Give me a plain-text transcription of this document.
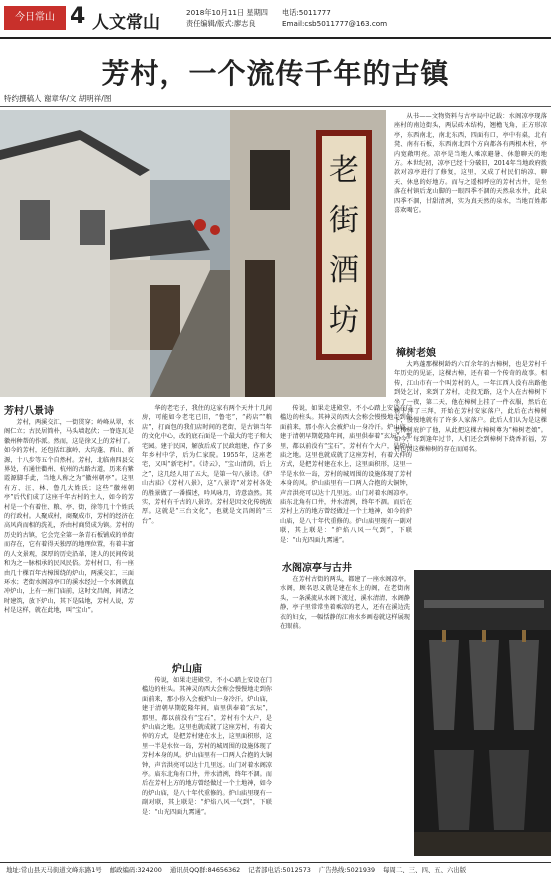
今日常山 4 人文常山
2018年10月11日 星期四
责任编辑/版式:廖志良
电话:5011777
Email:csb5011777@163.com
芳村，一个流传千年的古镇
特约撰稿人 谢章华/文 胡明祥/图
老
街
酒
坊
芳村八景诗

芳村，两溪交汇，一街贯穿；岭峰从翠，水阁仁立；古民居简朴，马头墙起伏；一脊连瓦是徽州种帮的作派。然而，这是徐又上的芳村了。如今的芳村，还包括红旗岭、大均蓬、西山、新源，十八步等五个自然村。芳村，北临南四县交界处，有通往衢州、杭州的古路古道，历来有紫霞源脚手此，当地人称之为“徽州朝亭”。这里有方、汪、林、鲁几大姓氏；这些“徽州朝亭”后代们成了这座千年古村的主人，如今的芳村是一个有着住、粮、亭、街，徐等几十个姓氏的行政村。人聚成村，商聚成市，芳村的经济在高风尚而相的洗礼，乔由村商贸成为镇。芳村的历史的古镇，它会完全第一条青石板铺成的单街而存在，它有着得天独厚的地理位置，有着丰富的人文景观，深厚的历史沿革，迷人的民间传说和为之一脉相承的民风民俗。芳村村口，有一座由几十棵百年古樟围绕的炉山，两溪交汇，三面环水；老街水阁凉亭口的溪水经过一个水阁就直冲炉山，上有一座门庙前，这时文昌阁，间诸之时建筑，放下炉山，其下是陆地，芳村人说，芳村是这样，就在此地，叫“宝山”。

华的老宅子，我住的这家有两个天井十几间房，可能如今老宅已旧，“鲁宅”，“药店”“粮店”，打面包的我们店时间的老街，是古镇当年的文化中心，改的底石面是一个最大的宅子和大宅园。建于民国，解放后成了民政组建，作了多年乡村中学，后为仁家院。1955年，这座老宅，又叫“新宅村”。《诗云》，“宝山清荫，后上之”，这几经人用了五大，是第一句八景诗。《炉山古庙》《芳村八景》，这“八景诗”对芳村各处的胜景做了一番描述，吟风咏月，诗意盎然。其实，芳村有千古的八景诗。芳村是因文化传统浓厚。这就是“三台文化”，也就是文昌阁的“三台”。

炉山庙

传说，如果走进殿堂，不小心踏上安设在门槛边的柱头。其神灵的西大会称会慢慢地走到你面前来，那小你入会被炉山一身冷汗。炉山庙，建于清朝早期乾隆年间，庙里供奉着“玄坛”，那里，都以前没有“宝石”，芳村有个大户，是炉山庙之地。这里也就成就了这座芳村，有着大仲的方式，是把芳村建在水上，这里面积形，这里一半是水位一岛，芳村的城周围的设施体现了芳村本身的风。炉山庙里有一口两人合抱的大铜钟，声音洪亮可以达十几里远。山门对着水阁凉亭。庙东北角有口井，井水清洌，终年不涸。而后在芳村上方的地方曾经做过一个土地神，如今的炉山庙，是八十年代重修的。炉山庙里现有一副对联，其上联是：“炉焰八风一气到”，下联是：“山光四面九霄通”。

传说，如果走进殿堂，不小心踏上安设在门槛边的柱头。其神灵的西大会称会慢慢地走到你面前来，那小你入会被炉山一身冷汗。炉山庙，建于清朝早期乾隆年间，庙里供奉着“玄坛”，那里，都以前没有“宝石”，芳村有个大户，是炉山庙之地。这里也就成就了这座芳村，有着大仲的方式，是把芳村建在水上，这里面积形，这里一半是水位一岛，芳村的城周围的设施体现了芳村本身的风。炉山庙里有一口两人合抱的大铜钟，声音洪亮可以达十几里远。山门对着水阁凉亭。庙东北角有口井，井水清洌，终年不涸。而后在芳村上方的地方曾经做过一个土地神，如今的炉山庙，是八十年代重修的。炉山庙里现有一副对联，其上联是：“炉焰八风一气到”，下联是：“山光四面九霄通”。

水阁凉亭与古井

从书——文物资料与古亭局中记载：水阁凉亭现落座村的南边街头，两层砖木结构，翘檐飞角，正方形凉亭，东西南北，南北东西，四面有口，亭中有桌，北有凳、南有石板，东西南北四个方向都各有两根木柱，亭内宽敞明亮。凉亭是当地人乘凉避暑、休憩聊天的地方。本世纪初，凉亭已经十分破旧，2014年当地政府拨款对凉亭进行了修复，这里，又成了村民们纳凉、聊天、休息的好地方。而与之遥相呼应的芳村古井，是坐落在村镇后龙山脚的一眼四季不涸的天然泉水井，此泉四季不涸，甘甜清冽，实为真天然的泉水，当地百姓都喜欢喝它。

樟树老娘

大鸡蓬那棵树龄约六百余年的古樟树，也是芳村千年历史的见证，这棵古樟，还有着一个传奇的故事。相传，江山市有一个叫芳村的人，一年江西人没有出路他到处乞讨，来到了芳村，走投无路，这个人在古樟树下坐了一夜，第二天，他在樟树上挂了一件衣服，然后在树下拜了三拜，开始在芳村安家落户，此后在古樟树下，慢慢地就有了许多人家落户。此后人们认为是这棵老樟树庇护了他，从此把这棵古樟树尊为“樟树老娘”。如今，每到逢年过节，人们还会到樟树下烧香祈福，芳村也因这棵樟树的存在而闻名。

在芳村古街的两头，都建了一座水阁凉亭。水阁，顾名思义就是建在水上的阁，在老街南头，一条溪流从水阁下流过，溪水清清，水阁静静，亭子里常常坐着乘凉的老人，还有在溪边洗衣的妇女，一幅恬静的江南水乡画卷就这样展现在眼前。

地址:常山县天马街道文峰东路1号 邮政编码:324200 通讯员QQ群:84656362 记者部电话:5012573 广告热线:5021939 每周二、三、四、五、六出版
